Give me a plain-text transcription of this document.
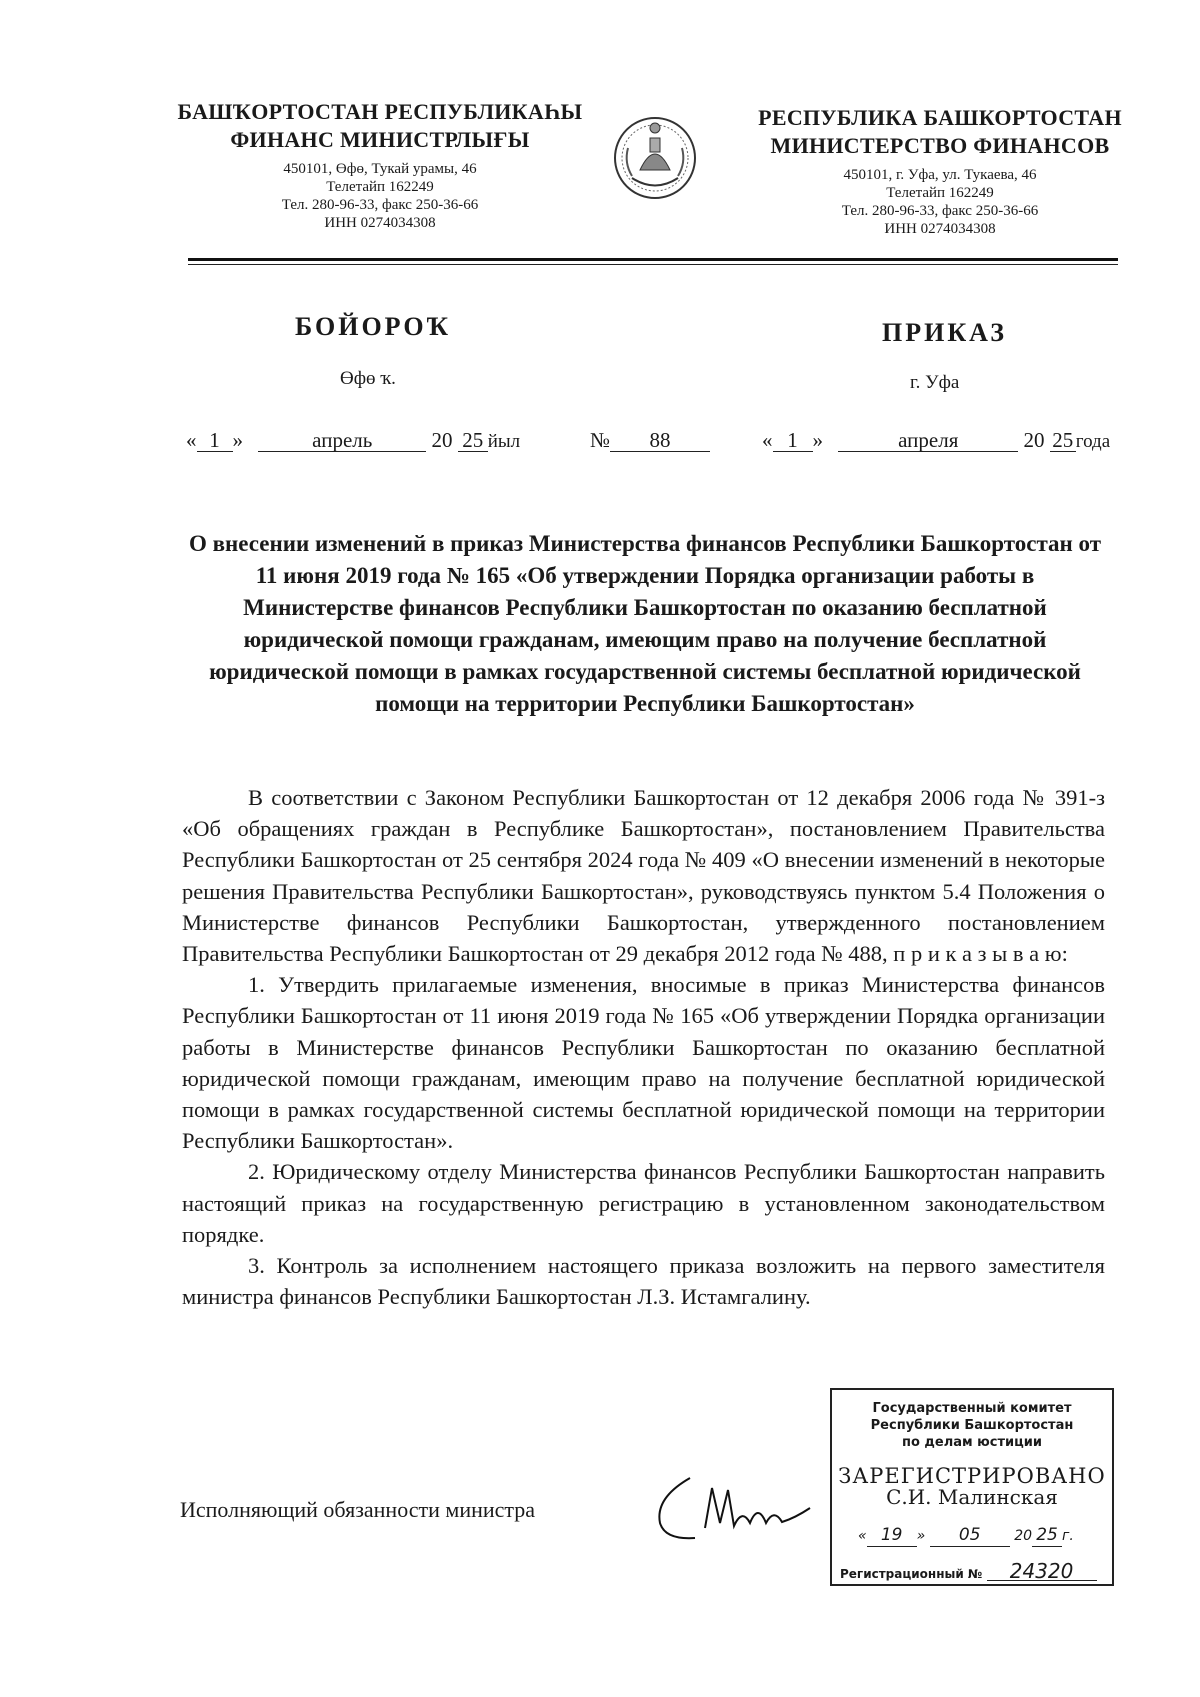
БАШҠОРТОСТАН РЕСПУБЛИКАҺЫ
ФИНАНС МИНИСТРЛЫҒЫ
450101, Өфө, Тукай урамы, 46
Телетайп 162249
Тел. 280-96-33, факс 250-36-66
ИНН 0274034308
РЕСПУБЛИКА БАШКОРТОСТАН
МИНИСТЕРСТВО ФИНАНСОВ
450101, г. Уфа, ул. Тукаева, 46
Телетайп 162249
Тел. 280-96-33, факс 250-36-66
ИНН 0274034308
БОЙОРОҠ	ПРИКАЗ
Өфө ҡ.	г. Уфа
« 1 »	апрель	20 25 йыл	№ 88	« 1 »	апреля	20 25 года
О внесении изменений в приказ Министерства финансов Республики Башкортостан от 11 июня 2019 года № 165 «Об утверждении Порядка организации работы в Министерстве финансов Республики Башкортостан по оказанию бесплатной юридической помощи гражданам, имеющим право на получение бесплатной юридической помощи в рамках государственной системы бесплатной юридической помощи на территории Республики Башкортостан»

В соответствии с Законом Республики Башкортостан от 12 декабря 2006 года № 391-з «Об обращениях граждан в Республике Башкортостан», постановлением Правительства Республики Башкортостан от 25 сентября 2024 года № 409 «О внесении изменений в некоторые решения Правительства Республики Башкортостан», руководствуясь пунктом 5.4 Положения о Министерстве финансов Республики Башкортостан, утвержденного постановлением Правительства Республики Башкортостан от 29 декабря 2012 года № 488, п р и к а з ы в а ю:

1. Утвердить прилагаемые изменения, вносимые в приказ Министерства финансов Республики Башкортостан от 11 июня 2019 года № 165 «Об утверждении Порядка организации работы в Министерстве финансов Республики Башкортостан по оказанию бесплатной юридической помощи гражданам, имеющим право на получение бесплатной юридической помощи в рамках государственной системы бесплатной юридической помощи на территории Республики Башкортостан».

2. Юридическому отделу Министерства финансов Республики Башкортостан направить настоящий приказ на государственную регистрацию в установленном законодательством порядке.

3. Контроль за исполнением настоящего приказа возложить на первого заместителя министра финансов Республики Башкортостан Л.З. Истамгалину.

Исполняющий обязанности министра
Государственный комитет
Республики Башкортостан
по делам юстиции
ЗАРЕГИСТРИРОВАНО
С.И. Малинская
« 19 » 05 20 25 г.
Регистрационный № 24320
